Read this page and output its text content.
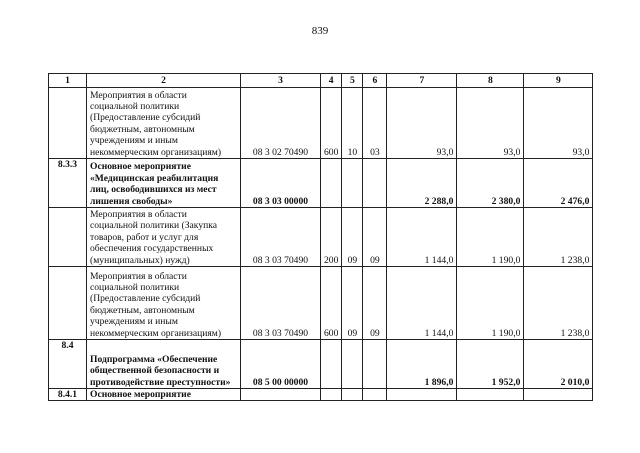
839
1	2	3	4	5	6	7	8	9
	Мероприятия в области социальной политики (Предоставление субсидий бюджетным, автономным учреждениям и иным некоммерческим организациям)	08 3 02 70490	600	10	03	93,0	93,0	93,0
8.3.3	Основное мероприятие «Медицинская реабилитация лиц, освободившихся из мест лишения свободы»	08 3 03 00000				2 288,0	2 380,0	2 476,0
	Мероприятия в области социальной политики (Закупка товаров, работ и услуг для обеспечения государственных (муниципальных) нужд)	08 3 03 70490	200	09	09	1 144,0	1 190,0	1 238,0
	Мероприятия в области социальной политики (Предоставление субсидий бюджетным, автономным учреждениям и иным некоммерческим организациям)	08 3 03 70490	600	09	09	1 144,0	1 190,0	1 238,0
8.4	Подпрограмма «Обеспечение общественной безопасности и противодействие преступности»	08 5 00 00000				1 896,0	1 952,0	2 010,0
8.4.1	Основное мероприятие							
